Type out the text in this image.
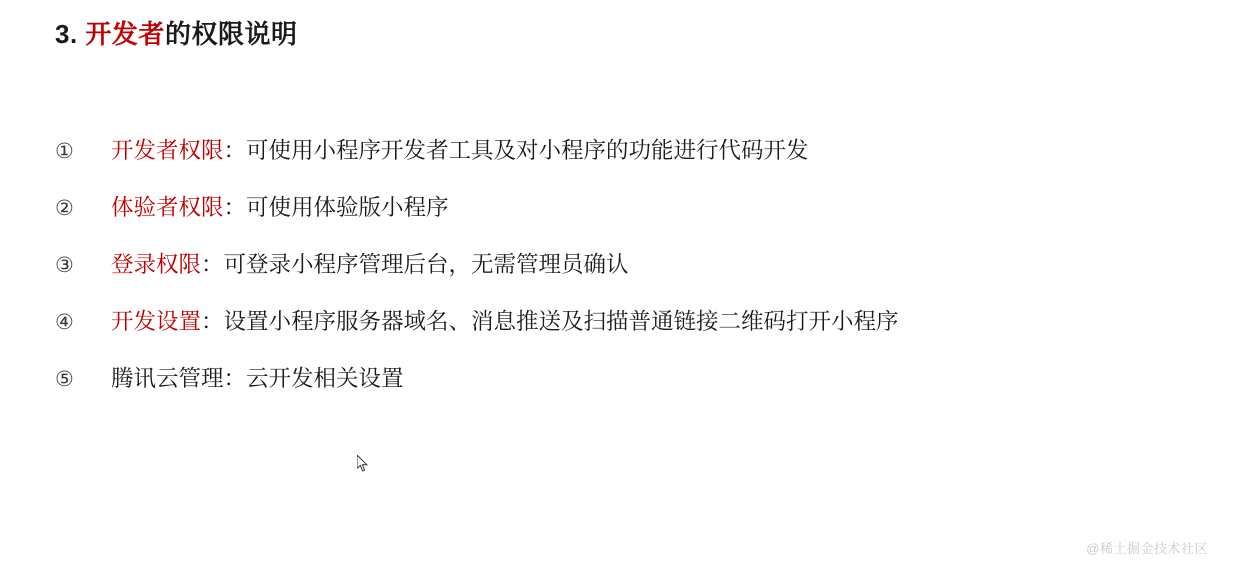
3. 开发者的权限说明
①	开发者权限 ： 可使用小程序开发者工具及对小程序的功能进行代码开发
②	体验者权限 ： 可使用体验版小程序
③	登录权限 ： 可登录小程序管理后台，无需管理员确认
④	开发设置 ： 设置小程序服务器域名、消息推送及扫描普通链接二维码打开小程序
⑤	腾讯云管理 ： 云开发相关设置
@稀土掘金技术社区
